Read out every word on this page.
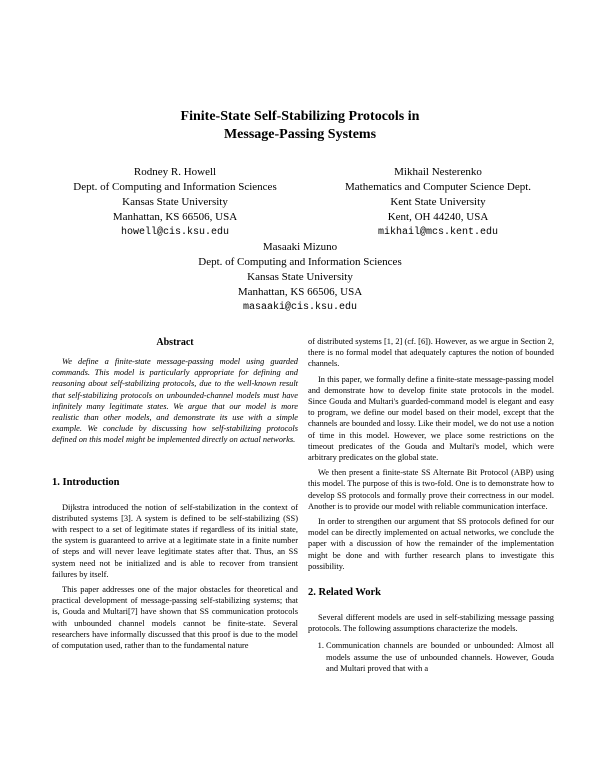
Finite-State Self-Stabilizing Protocols in
Message-Passing Systems
Rodney R. Howell
Dept. of Computing and Information Sciences
Kansas State University
Manhattan, KS 66506, USA
howell@cis.ksu.edu
Mikhail Nesterenko
Mathematics and Computer Science Dept.
Kent State University
Kent, OH 44240, USA
mikhail@mcs.kent.edu
Masaaki Mizuno
Dept. of Computing and Information Sciences
Kansas State University
Manhattan, KS 66506, USA
masaaki@cis.ksu.edu
Abstract

We define a finite-state message-passing model using guarded commands. This model is particularly appropriate for defining and reasoning about self-stabilizing protocols, due to the well-known result that self-stabilizing protocols on unbounded-channel models must have infinitely many legitimate states. We argue that our model is more realistic than other models, and demonstrate its use with a simple example. We conclude by discussing how self-stabilizing protocols defined on this model might be implemented directly on actual networks.

1. Introduction

Dijkstra introduced the notion of self-stabilization in the context of distributed systems [3]. A system is defined to be self-stabilizing (SS) with respect to a set of legitimate states if regardless of its initial state, the system is guaranteed to arrive at a legitimate state in a finite number of steps and will never leave legitimate states after that. Thus, an SS system need not be initialized and is able to recover from transient failures by itself.

This paper addresses one of the major obstacles for theoretical and practical development of message-passing self-stabilizing systems; that is, Gouda and Multari[7] have shown that SS communication protocols with unbounded channel models cannot be finite-state. Several researchers have informally discussed that this proof is due to the model of computation used, rather than to the fundamental nature

of distributed systems [1, 2] (cf. [6]). However, as we argue in Section 2, there is no formal model that adequately captures the notion of bounded channels.

In this paper, we formally define a finite-state message-passing model and demonstrate how to develop finite state protocols in the model. Since Gouda and Multari's guarded-command model is elegant and easy to program, we define our model based on their model, except that the channels are bounded and lossy. Like their model, we do not use a notion of time in this model. However, we place some restrictions on the timeout predicates of the Gouda and Multari's model, which were arbitrary predicates on the global state.

We then present a finite-state SS Alternate Bit Protocol (ABP) using this model. The purpose of this is two-fold. One is to demonstrate how to develop SS protocols and formally prove their correctness in our model. Another is to provide our model with reliable communication interface.

In order to strengthen our argument that SS protocols defined for our model can be directly implemented on actual networks, we conclude the paper with a discussion of how the remainder of the implementation might be done and with further research plans to investigate this possibility.

2. Related Work

Several different models are used in self-stabilizing message passing protocols. The following assumptions characterize the models.

1. Communication channels are bounded or unbounded: Almost all models assume the use of unbounded channels. However, Gouda and Multari proved that with a
